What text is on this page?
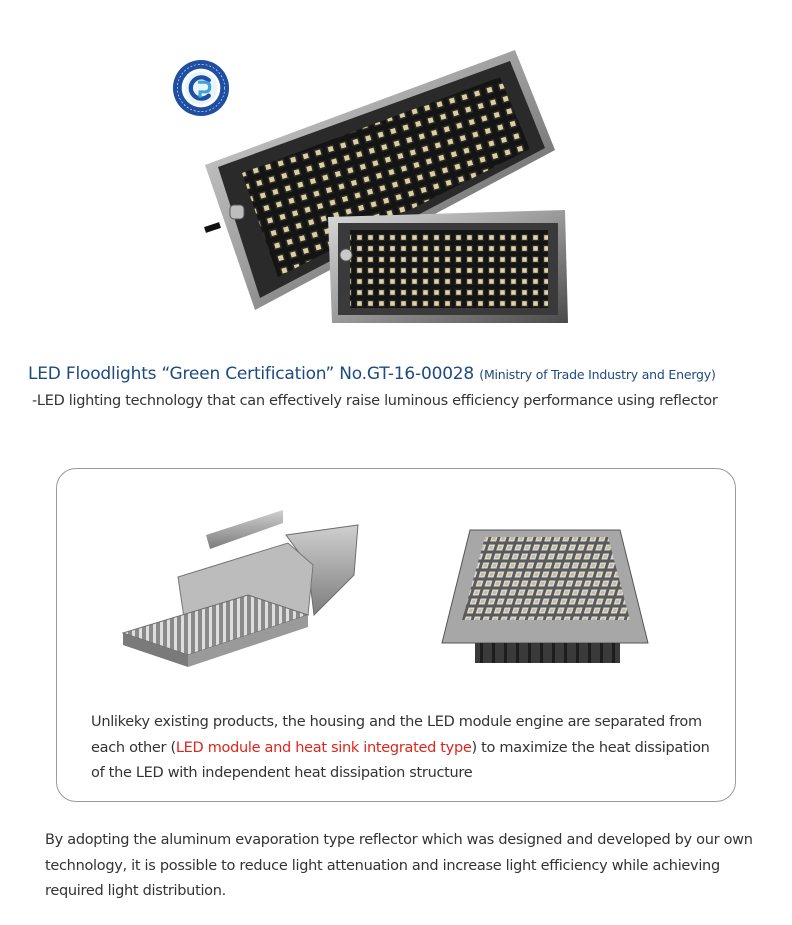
LED Floodlights “Green Certification” No.GT-16-00028 (Ministry of Trade Industry and Energy)
-LED lighting technology that can effectively raise luminous efficiency performance using reflector
Unlikeky existing products, the housing and the LED module engine are separated from each other (LED module and heat sink integrated type) to maximize the heat dissipation of the LED with independent heat dissipation structure
By adopting the aluminum evaporation type reflector which was designed and developed by our own technology, it is possible to reduce light attenuation and increase light efficiency while achieving required light distribution.
